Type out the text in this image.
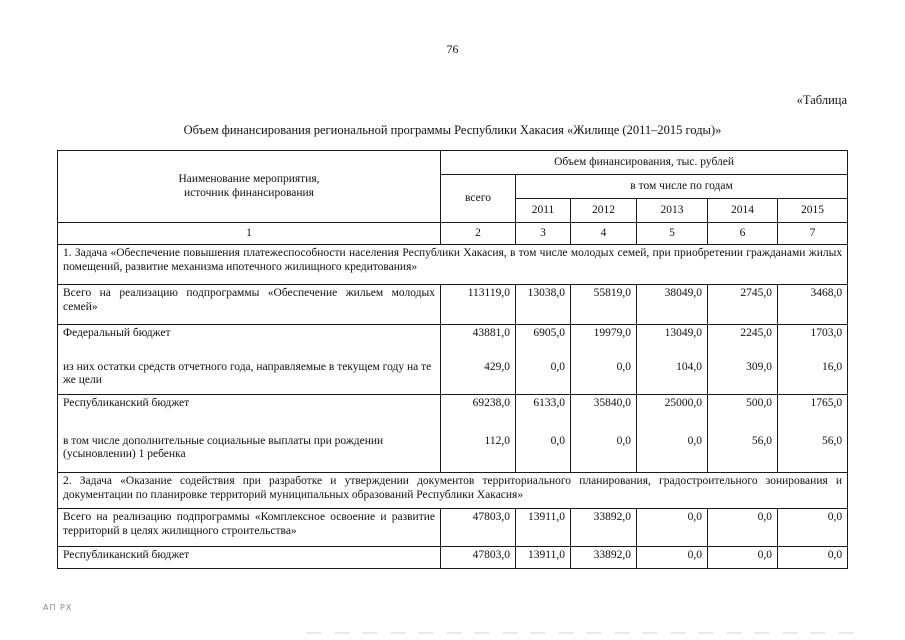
76
«Таблица
Объем финансирования региональной программы Республики Хакасия «Жилище (2011–2015 годы)»
Наименование мероприятия,
источник финансирования	Объем финансирования, тыс. рублей					
	всего	в том числе по годам				
		2011	2012	2013	2014	2015
1	2	3	4	5	6	7
1. Задача «Обеспечение повышения платежеспособности населения Республики Хакасия, в том числе молодых семей, при приобретении гражданами жилых помещений, развитие механизма ипотечного жилищного кредитования»						
Всего на реализацию подпрограммы «Обеспечение жильем молодых семей»	113119,0	13038,0	55819,0	38049,0	2745,0	3468,0
Федеральный бюджет	43881,0	6905,0	19979,0	13049,0	2245,0	1703,0
из них остатки средств отчетного года, направляемые в текущем году на те же цели	429,0	0,0	0,0	104,0	309,0	16,0
Республиканский бюджет	69238,0	6133,0	35840,0	25000,0	500,0	1765,0
в том числе дополнительные социальные выплаты при рождении (усыновлении) 1 ребенка	112,0	0,0	0,0	0,0	56,0	56,0
2. Задача «Оказание содействия при разработке и утверждении документов территориального планирования, градостроительного зонирования и документации по планировке территорий муниципальных образований Республики Хакасия»						
Всего на реализацию подпрограммы «Комплексное освоение и развитие территорий в целях жилищного строительства»	47803,0	13911,0	33892,0	0,0	0,0	0,0
Республиканский бюджет	47803,0	13911,0	33892,0	0,0	0,0	0,0
АП РХ
